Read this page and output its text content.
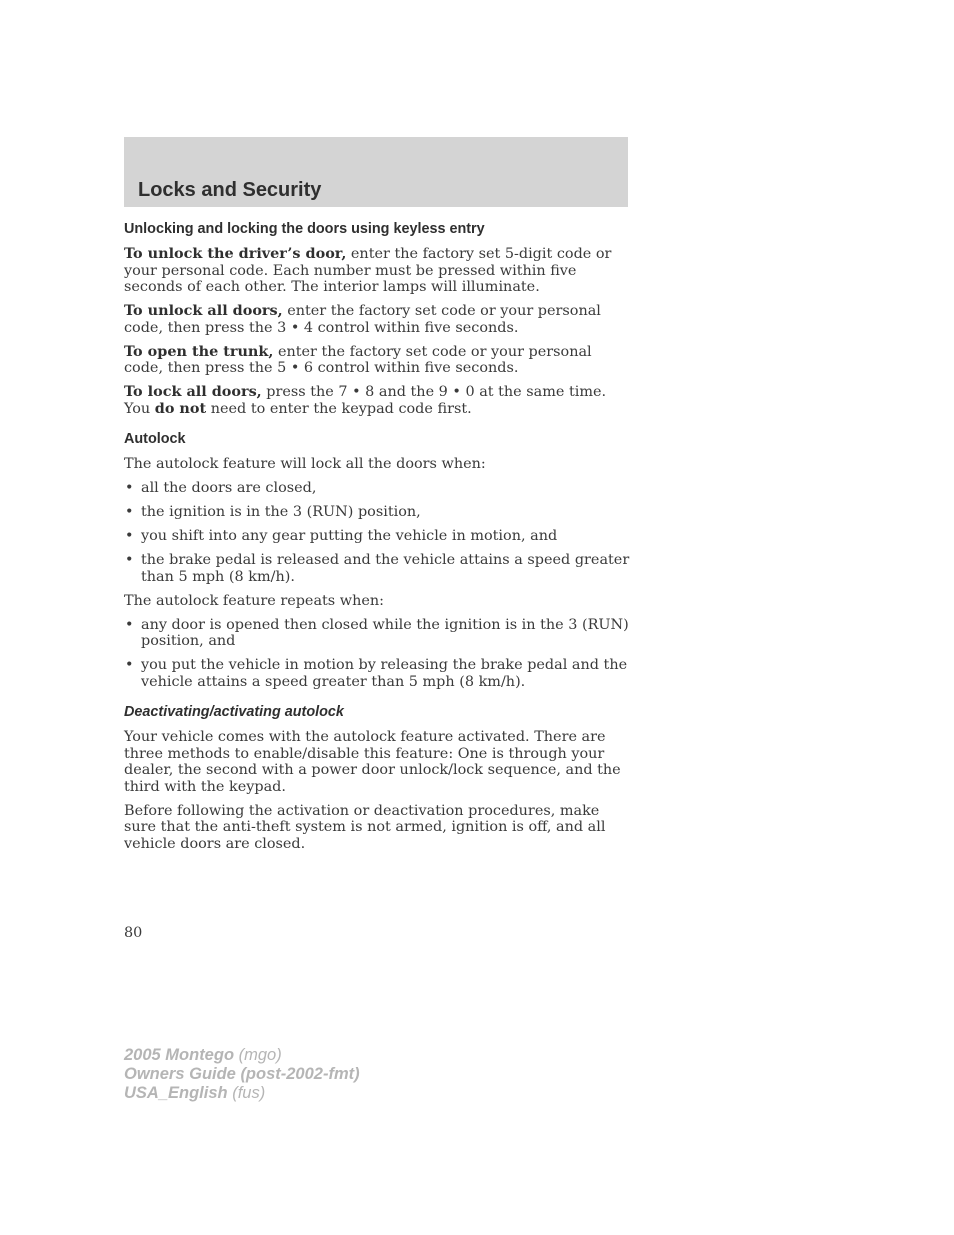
Locks and Security
Unlocking and locking the doors using keyless entry

To unlock the driver’s door, enter the factory set 5-digit code or your personal code. Each number must be pressed within five seconds of each other. The interior lamps will illuminate.

To unlock all doors, enter the factory set code or your personal code, then press the 3 • 4 control within five seconds.

To open the trunk, enter the factory set code or your personal code, then press the 5 • 6 control within five seconds.

To lock all doors, press the 7 • 8 and the 9 • 0 at the same time. You do not need to enter the keypad code first.

Autolock

The autolock feature will lock all the doors when:

• all the doors are closed,
• the ignition is in the 3 (RUN) position,
• you shift into any gear putting the vehicle in motion, and
• the brake pedal is released and the vehicle attains a speed greater than 5 mph (8 km/h).

The autolock feature repeats when:

• any door is opened then closed while the ignition is in the 3 (RUN) position, and
• you put the vehicle in motion by releasing the brake pedal and the vehicle attains a speed greater than 5 mph (8 km/h).
Deactivating/activating autolock

Your vehicle comes with the autolock feature activated. There are three methods to enable/disable this feature: One is through your dealer, the second with a power door unlock/lock sequence, and the third with the keypad.

Before following the activation or deactivation procedures, make sure that the anti-theft system is not armed, ignition is off, and all vehicle doors are closed.

80

2005 Montego (mgo)
Owners Guide (post-2002-fmt)
USA_English (fus)
